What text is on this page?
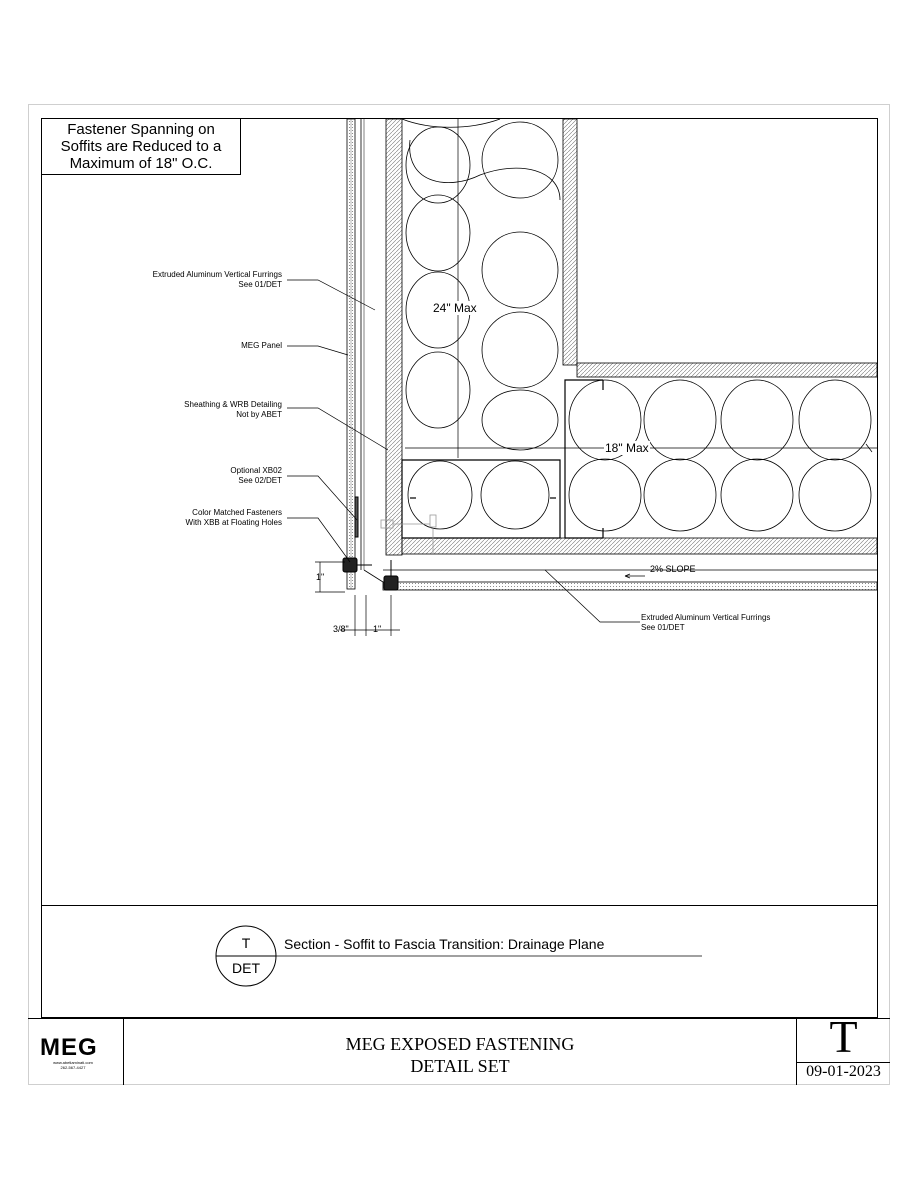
Fastener Spanning on
Soffits are Reduced to a
Maximum of 18" O.C.
Extruded Aluminum Vertical Furrings
See 01/DET
MEG Panel
Sheathing & WRB Detailing
Not by ABET
Optional XB02
See 02/DET
Color Matched Fasteners
With XBB at Floating Holes
Extruded Aluminum Vertical Furrings
See 01/DET
24" Max
18" Max
2% SLOPE
1"
3/8"	1"
T
DET
Section - Soffit to Fascia Transition: Drainage Plane
MEG
www.abetlaminati.com
262-567-4427
MEG EXPOSED FASTENING
DETAIL SET
T
09-01-2023
